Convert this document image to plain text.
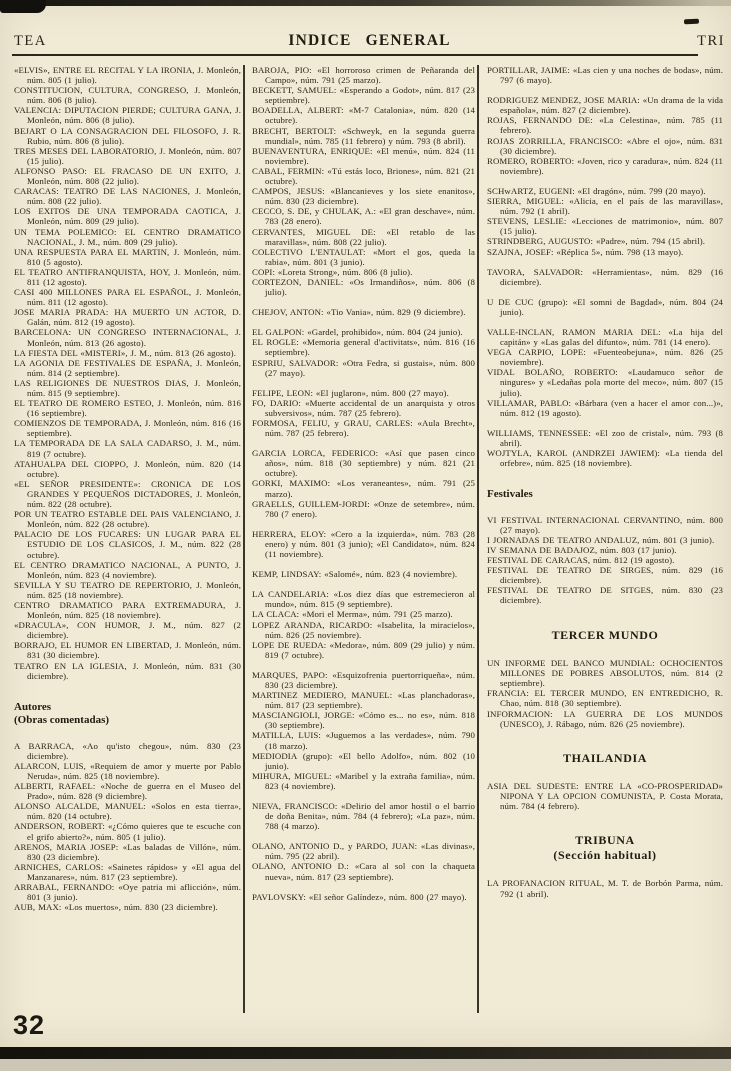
TEA	INDICE GENERAL	TRI

«ELVIS», ENTRE EL RECITAL Y LA IRONIA, J. Monleón, núm. 805 (1 julio).

CONSTITUCION, CULTURA, CONGRESO, J. Monleón, núm. 806 (8 julio).

VALENCIA: DIPUTACION PIERDE; CULTURA GANA, J. Monleón, núm. 806 (8 julio).

BEJART O LA CONSAGRACION DEL FILOSOFO, J. R. Rubio, núm. 806 (8 julio).

TRES MESES DEL LABORATORIO, J. Monleón, núm. 807 (15 julio).

ALFONSO PASO: EL FRACASO DE UN EXITO, J. Monleón, núm. 808 (22 julio).

CARACAS: TEATRO DE LAS NACIONES, J. Monleón, núm. 808 (22 julio).

LOS EXITOS DE UNA TEMPORADA CAOTICA, J. Monleón, núm. 809 (29 julio).

UN TEMA POLEMICO: EL CENTRO DRAMATICO NACIONAL, J. M., núm. 809 (29 julio).

UNA RESPUESTA PARA EL MARTIN, J. Monleón, núm. 810 (5 agosto).

EL TEATRO ANTIFRANQUISTA, HOY, J. Monleón, núm. 811 (12 agosto).

CASI 400 MILLONES PARA EL ESPAÑOL, J. Monleón, núm. 811 (12 agosto).

JOSE MARIA PRADA: HA MUERTO UN ACTOR, D. Galán, núm. 812 (19 agosto).

BARCELONA: UN CONGRESO INTERNACIONAL, J. Monleón, núm. 813 (26 agosto).

LA FIESTA DEL «MISTERI», J. M., núm. 813 (26 agosto).

LA AGONIA DE FESTIVALES DE ESPAÑA, J. Monleón, núm. 814 (2 septiembre).

LAS RELIGIONES DE NUESTROS DIAS, J. Monleón, núm. 815 (9 septiembre).

EL TEATRO DE ROMERO ESTEO, J. Monleón, núm. 816 (16 septiembre).

COMIENZOS DE TEMPORADA, J. Monleón, núm. 816 (16 septiembre).

LA TEMPORADA DE LA SALA CADARSO, J. M., núm. 819 (7 octubre).

ATAHUALPA DEL CIOPPO, J. Monleón, núm. 820 (14 octubre).

«EL SEÑOR PRESIDENTE»: CRONICA DE LOS GRANDES Y PEQUEÑOS DICTADORES, J. Monleón, núm. 822 (28 octubre).

POR UN TEATRO ESTABLE DEL PAIS VALENCIANO, J. Monleón, núm. 822 (28 octubre).

PALACIO DE LOS FUCARES: UN LUGAR PARA EL ESTUDIO DE LOS CLASICOS, J. M., núm. 822 (28 octubre).

EL CENTRO DRAMATICO NACIONAL, A PUNTO, J. Monleón, núm. 823 (4 noviembre).

SEVILLA Y SU TEATRO DE REPERTORIO, J. Monleón, núm. 825 (18 noviembre).

CENTRO DRAMATICO PARA EXTREMADURA, J. Monleón, núm. 825 (18 noviembre).

«DRACULA», CON HUMOR, J. M., núm. 827 (2 diciembre).

BORRAJO, EL HUMOR EN LIBERTAD, J. Monleón, núm. 831 (30 diciembre).

TEATRO EN LA IGLESIA, J. Monleón, núm. 831 (30 diciembre).

Autores
(Obras comentadas)

A BARRACA, «Ao qu'isto chegou», núm. 830 (23 diciembre).

ALARCON, LUIS, «Requiem de amor y muerte por Pablo Neruda», núm. 825 (18 noviembre).

ALBERTI, RAFAEL: «Noche de guerra en el Museo del Prado», núm. 828 (9 diciembre).

ALONSO ALCALDE, MANUEL: «Solos en esta tierra», núm. 820 (14 octubre).

ANDERSON, ROBERT: «¿Cómo quieres que te escuche con el grifo abierto?», núm. 805 (1 julio).

ARENOS, MARIA JOSEP: «Las baladas de Villón», núm. 830 (23 diciembre).

ARNICHES, CARLOS: «Sainetes rápidos» y «El agua del Manzanares», núm. 817 (23 septiembre).

ARRABAL, FERNANDO: «Oye patria mi aflicción», núm. 801 (3 junio).

AUB, MAX: «Los muertos», núm. 830 (23 diciembre).

BAROJA, PIO: «El horroroso crimen de Peñaranda del Campo», núm. 791 (25 marzo).

BECKETT, SAMUEL: «Esperando a Godot», núm. 817 (23 septiembre).

BOADELLA, ALBERT: «M-7 Catalonia», núm. 820 (14 octubre).

BRECHT, BERTOLT: «Schweyk, en la segunda guerra mundial», núm. 785 (11 febrero) y núm. 793 (8 abril).

BUENAVENTURA, ENRIQUE: «El menú», núm. 824 (11 noviembre).

CABAL, FERMIN: «Tú estás loco, Briones», núm. 821 (21 octubre).

CAMPOS, JESUS: «Blancanieves y los siete enanitos», núm. 830 (23 diciembre).

CECCO, S. DE, y CHULAK, A.: «El gran deschave», núm. 783 (28 enero).

CERVANTES, MIGUEL DE: «El retablo de las maravillas», núm. 808 (22 julio).

COLECTIVO L'ENTAULAT: «Mort el gos, queda la rabia», núm. 801 (3 junio).

COPI: «Loreta Strong», núm. 806 (8 julio).

CORTEZON, DANIEL: «Os Irmandiños», núm. 806 (8 julio).

CHEJOV, ANTON: «Tio Vania», núm. 829 (9 diciembre).

EL GALPON: «Gardel, prohibido», núm. 804 (24 junio).

EL ROGLE: «Memoria general d'activitats», núm. 816 (16 septiembre).

ESPRIU, SALVADOR: «Otra Fedra, si gustais», núm. 800 (27 mayo).

FELIPE, LEON: «El juglaron», núm. 800 (27 mayo).

FO, DARIO: «Muerte accidental de un anarquista y otros subversivos», núm. 787 (25 febrero).

FORMOSA, FELIU, y GRAU, CARLES: «Aula Brecht», núm. 787 (25 febrero).

GARCIA LORCA, FEDERICO: «Así que pasen cinco años», núm. 818 (30 septiembre) y núm. 821 (21 octubre).

GORKI, MAXIMO: «Los veraneantes», núm. 791 (25 marzo).

GRAELLS, GUILLEM-JORDI: «Onze de setembre», núm. 780 (7 enero).

HERRERA, ELOY: «Cero a la izquierda», núm. 783 (28 enero) y núm. 801 (3 junio); «El Candidato», núm. 824 (11 noviembre).

KEMP, LINDSAY: «Salomé», núm. 823 (4 noviembre).

LA CANDELARIA: «Los diez días que estremecieron al mundo», núm. 815 (9 septiembre).

LA CLACA: «Mori el Merma», núm. 791 (25 marzo).

LOPEZ ARANDA, RICARDO: «Isabelita, la miracielos», núm. 826 (25 noviembre).

LOPE DE RUEDA: «Medora», núm. 809 (29 julio) y núm. 819 (7 octubre).

MARQUES, PAPO: «Esquizofrenia puertorriqueña», núm. 830 (23 diciembre).

MARTINEZ MEDIERO, MANUEL: «Las planchadoras», núm. 817 (23 septiembre).

MASCIANGIOLI, JORGE: «Cómo es... no es», núm. 818 (30 septiembre).

MATILLA, LUIS: «Juguemos a las verdades», núm. 790 (18 marzo).

MEDIODIA (grupo): «El bello Adolfo», núm. 802 (10 junio).

MIHURA, MIGUEL: «Maribel y la extraña familia», núm. 823 (4 noviembre).

NIEVA, FRANCISCO: «Delirio del amor hostil o el barrio de doña Benita», núm. 784 (4 febrero); «La paz», núm. 788 (4 marzo).

OLANO, ANTONIO D., y PARDO, JUAN: «Las divinas», núm. 795 (22 abril).

OLANO, ANTONIO D.: «Cara al sol con la chaqueta nueva», núm. 817 (23 septiembre).

PAVLOVSKY: «El señor Galíndez», núm. 800 (27 mayo).

PORTILLAR, JAIME: «Las cien y una noches de bodas», núm. 797 (6 mayo).

RODRIGUEZ MENDEZ, JOSE MARIA: «Un drama de la vida española», núm. 827 (2 diciembre).

ROJAS, FERNANDO DE: «La Celestina», núm. 785 (11 febrero).

ROJAS ZORRILLA, FRANCISCO: «Abre el ojo», núm. 831 (30 diciembre).

ROMERO, ROBERTO: «Joven, rico y caradura», núm. 824 (11 noviembre).

SCHwARTZ, EUGENI: «El dragón», núm. 799 (20 mayo).

SIERRA, MIGUEL: «Alicia, en el país de las maravillas», núm. 792 (1 abril).

STEVENS, LESLIE: «Lecciones de matrimonio», núm. 807 (15 julio).

STRINDBERG, AUGUSTO: «Padre», núm. 794 (15 abril).

SZAJNA, JOSEF: «Réplica 5», núm. 798 (13 mayo).

TAVORA, SALVADOR: «Herramientas», núm. 829 (16 diciembre).

U DE CUC (grupo): «El somni de Bagdad», núm. 804 (24 junio).

VALLE-INCLAN, RAMON MARIA DEL: «La hija del capitán» y «Las galas del difunto», núm. 781 (14 enero).

VEGA CARPIO, LOPE: «Fuenteobejuna», núm. 826 (25 noviembre).

VIDAL BOLAÑO, ROBERTO: «Laudamuco señor de ningures» y «Ledañas pola morte del meco», núm. 807 (15 julio).

VILLAMAR, PABLO: «Bárbara (ven a hacer el amor con...)», núm. 812 (19 agosto).

WILLIAMS, TENNESSEE: «El zoo de cristal», núm. 793 (8 abril).

WOJTYLA, KAROL (ANDRZEI JAWIEM): «La tienda del orfebre», núm. 825 (18 noviembre).

Festivales

VI FESTIVAL INTERNACIONAL CERVANTINO, núm. 800 (27 mayo).

I JORNADAS DE TEATRO ANDALUZ, núm. 801 (3 junio).

IV SEMANA DE BADAJOZ, núm. 803 (17 junio).

FESTIVAL DE CARACAS, núm. 812 (19 agosto).

FESTIVAL DE TEATRO DE SIRGES, núm. 829 (16 diciembre).

FESTIVAL DE TEATRO DE SITGES, núm. 830 (23 diciembre).

TERCER MUNDO

UN INFORME DEL BANCO MUNDIAL: OCHOCIENTOS MILLONES DE POBRES ABSOLUTOS, núm. 814 (2 septiembre).

FRANCIA: EL TERCER MUNDO, EN ENTREDICHO, R. Chao, núm. 818 (30 septiembre).

INFORMACION: LA GUERRA DE LOS MUNDOS (UNESCO), J. Rábago, núm. 826 (25 noviembre).

THAILANDIA

ASIA DEL SUDESTE: ENTRE LA «CO-PROSPERIDAD» NIPONA Y LA OPCION COMUNISTA, P. Costa Morata, núm. 784 (4 febrero).

TRIBUNA
(Sección habitual)

LA PROFANACION RITUAL, M. T. de Borbón Parma, núm. 792 (1 abril).

32
